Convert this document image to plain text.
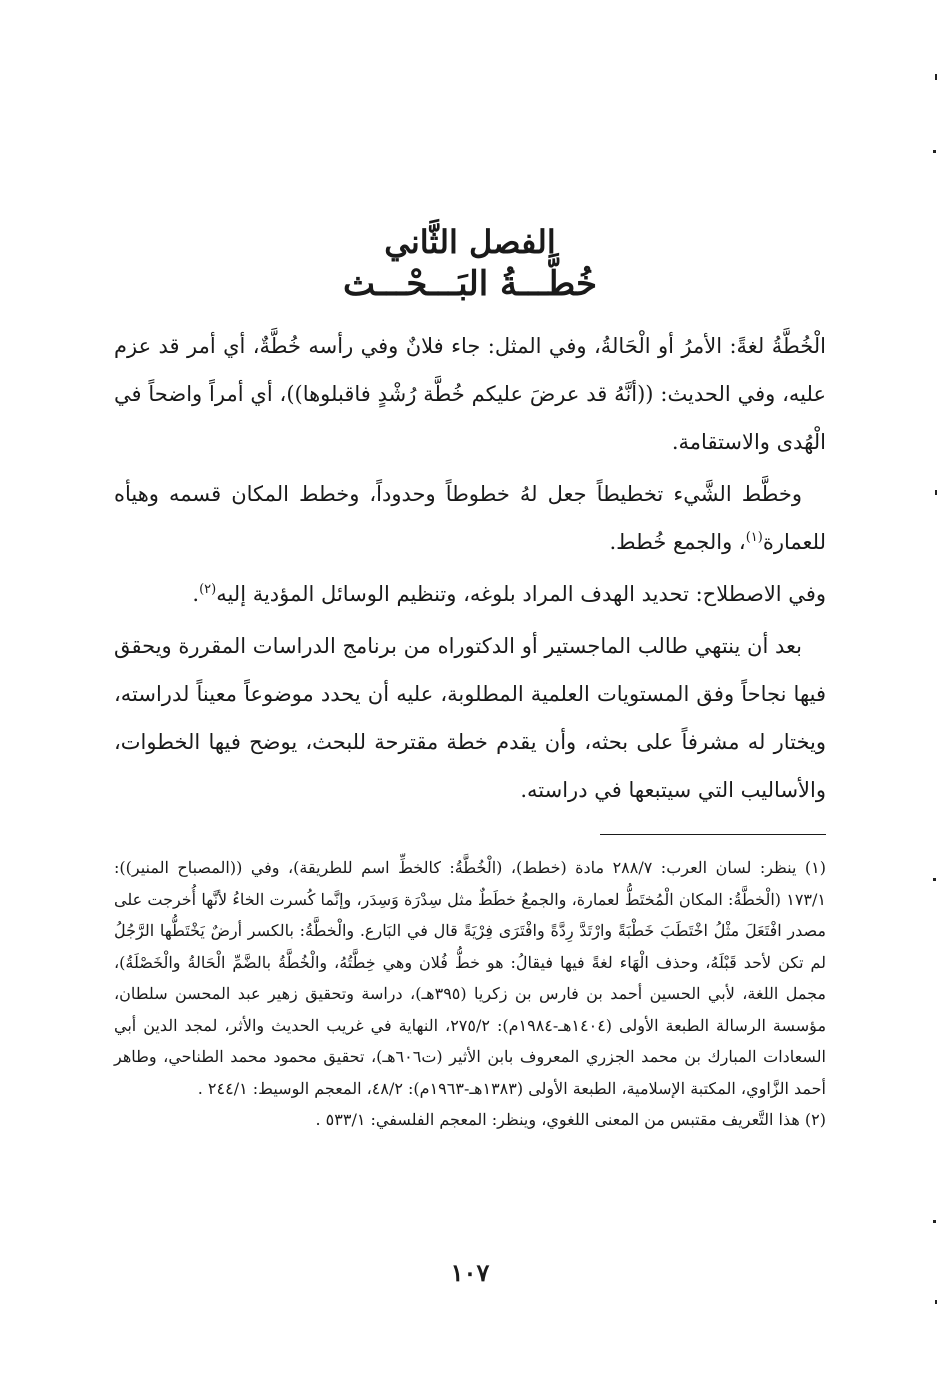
الفصل الثَّاني
خُطَّـــةُ البَـــحْـــث

الْخُطَّةُ لغةً: الأمرُ أو الْحَالةُ، وفي المثل: جاء فلانٌ وفي رأسه خُطَّةٌ، أي أمر قد عزم عليه، وفي الحديث: ((أنَّهُ قد عرضَ عليكم خُطَّة رُشْدٍ فاقبلوها))، أي أمراً واضحاً في الْهُدى والاستقامة.

وخطَّط الشَّيء تخطيطاً جعل لهُ خطوطاً وحدوداً، وخطط المكان قسمه وهيأه للعمارة$^{(١)}$، والجمع خُطط.

وفي الاصطلاح: تحديد الهدف المراد بلوغه، وتنظيم الوسائل المؤدية إليه$^{(٢)}$.

بعد أن ينتهي طالب الماجستير أو الدكتوراه من برنامج الدراسات المقررة ويحقق فيها نجاحاً وفق المستويات العلمية المطلوبة، عليه أن يحدد موضوعاً معيناً لدراسته، ويختار له مشرفاً على بحثه، وأن يقدم خطة مقترحة للبحث، يوضح فيها الخطوات، والأساليب التي سيتبعها في دراسته.

(١) ينظر: لسان العرب: ٢٨٨/٧ مادة (خطط)، (الْخُطَّةُ: كالخطِّ اسم للطريقة)، وفي ((المصباح المنير)): ١٧٣/١ (الْخطَّةُ: المكان الْمُختَطُّ لعمارة، والجمعُ خطَطٌ مثل سِدْرَة وَسِدَر، وإنَّما كُسرت الخاءُ لأنَّها أُخرجت على مصدر افْتَعَلَ مثْلُ اخْتَطَبَ خَطْبَةً وارْتَدَّ رِدَّةً وافْتَرَى فِرْيَةً قال في البَارع. والْخطَّةُ: بالكسر أرضٌ يَخْتَطُّها الرَّجُلُ لم تكن لأحد قَبْلَهُ، وحذف الْهَاء لغةً فيها فيقالُ: هو خطُّ فُلان وهي خِطَّتُهُ، والْخُطَّةُ بالضَّمِّ الْحَالةُ والْخَصْلَةُ)، مجمل اللغة، لأبي الحسين أحمد بن فارس بن زكريا (٣٩٥هـ)، دراسة وتحقيق زهير عبد المحسن سلطان، مؤسسة الرسالة الطبعة الأولى (١٤٠٤هـ-١٩٨٤م): ٢٧٥/٢، النهاية في غريب الحديث والأثر، لمجد الدين أبي السعادات المبارك بن محمد الجزري المعروف بابن الأثير (ت٦٠٦هـ)، تحقيق محمود محمد الطناحي، وطاهر أحمد الزَّاوي، المكتبة الإسلامية، الطبعة الأولى (١٣٨٣هـ-١٩٦٣م): ٤٨/٢، المعجم الوسيط: ٢٤٤/١ .

(٢) هذا التَّعريف مقتبس من المعنى اللغوي، وينظر: المعجم الفلسفي: ٥٣٣/١ .

١٠٧
